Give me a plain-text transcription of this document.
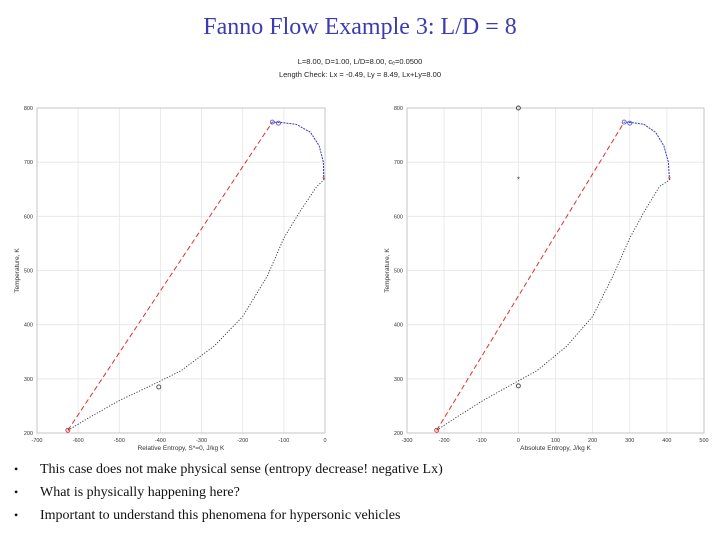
Fanno Flow Example 3: L/D = 8
L=8.00, D=1.00, L/D=8.00, cₑ=0.0500
Length Check: Lx = -0.49, Ly = 8.49, Lx+Ly=8.00
-700	-600	-500	-400	-300	-200	-100	0
200
300
400
500
600
700
800
Relative Entropy, S*=0, J/kg K
Temperature, K
*
-300	-200	-100	0	100	200	300	400	500
200
300
400
500
600
700
800
Absolute Entropy, J/kg K
Temperature, K
*
*
• This case does not make physical sense (entropy decrease! negative Lx)
• What is physically happening here?
• Important to understand this phenomena for hypersonic vehicles
